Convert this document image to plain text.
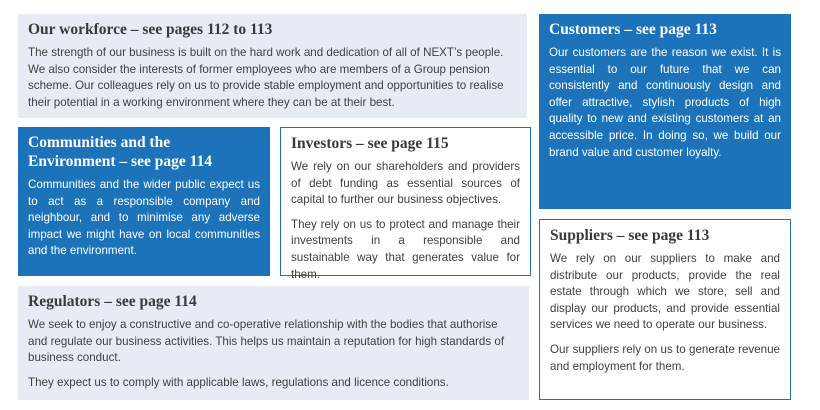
Our workforce – see pages 112 to 113
The strength of our business is built on the hard work and dedication of all of NEXT’s people. We also consider the interests of former employees who are members of a Group pension scheme. Our colleagues rely on us to provide stable employment and opportunities to realise their potential in a working environment where they can be at their best.
Customers – see page 113
Our customers are the reason we exist. It is essential to our future that we can consistently and continuously design and offer attractive, stylish products of high quality to new and existing customers at an accessible price. In doing so, we build our brand value and customer loyalty.
Communities and the Environment – see page 114
Communities and the wider public expect us to act as a responsible company and neighbour, and to minimise any adverse impact we might have on local communities and the environment.
Investors – see page 115
We rely on our shareholders and providers of debt funding as essential sources of capital to further our business objectives.
They rely on us to protect and manage their investments in a responsible and sustainable way that generates value for them.
Suppliers – see page 113
We rely on our suppliers to make and distribute our products, provide the real estate through which we store, sell and display our products, and provide essential services we need to operate our business.
Our suppliers rely on us to generate revenue and employment for them.
Regulators – see page 114
We seek to enjoy a constructive and co-operative relationship with the bodies that authorise and regulate our business activities. This helps us maintain a reputation for high standards of business conduct.
They expect us to comply with applicable laws, regulations and licence conditions.
